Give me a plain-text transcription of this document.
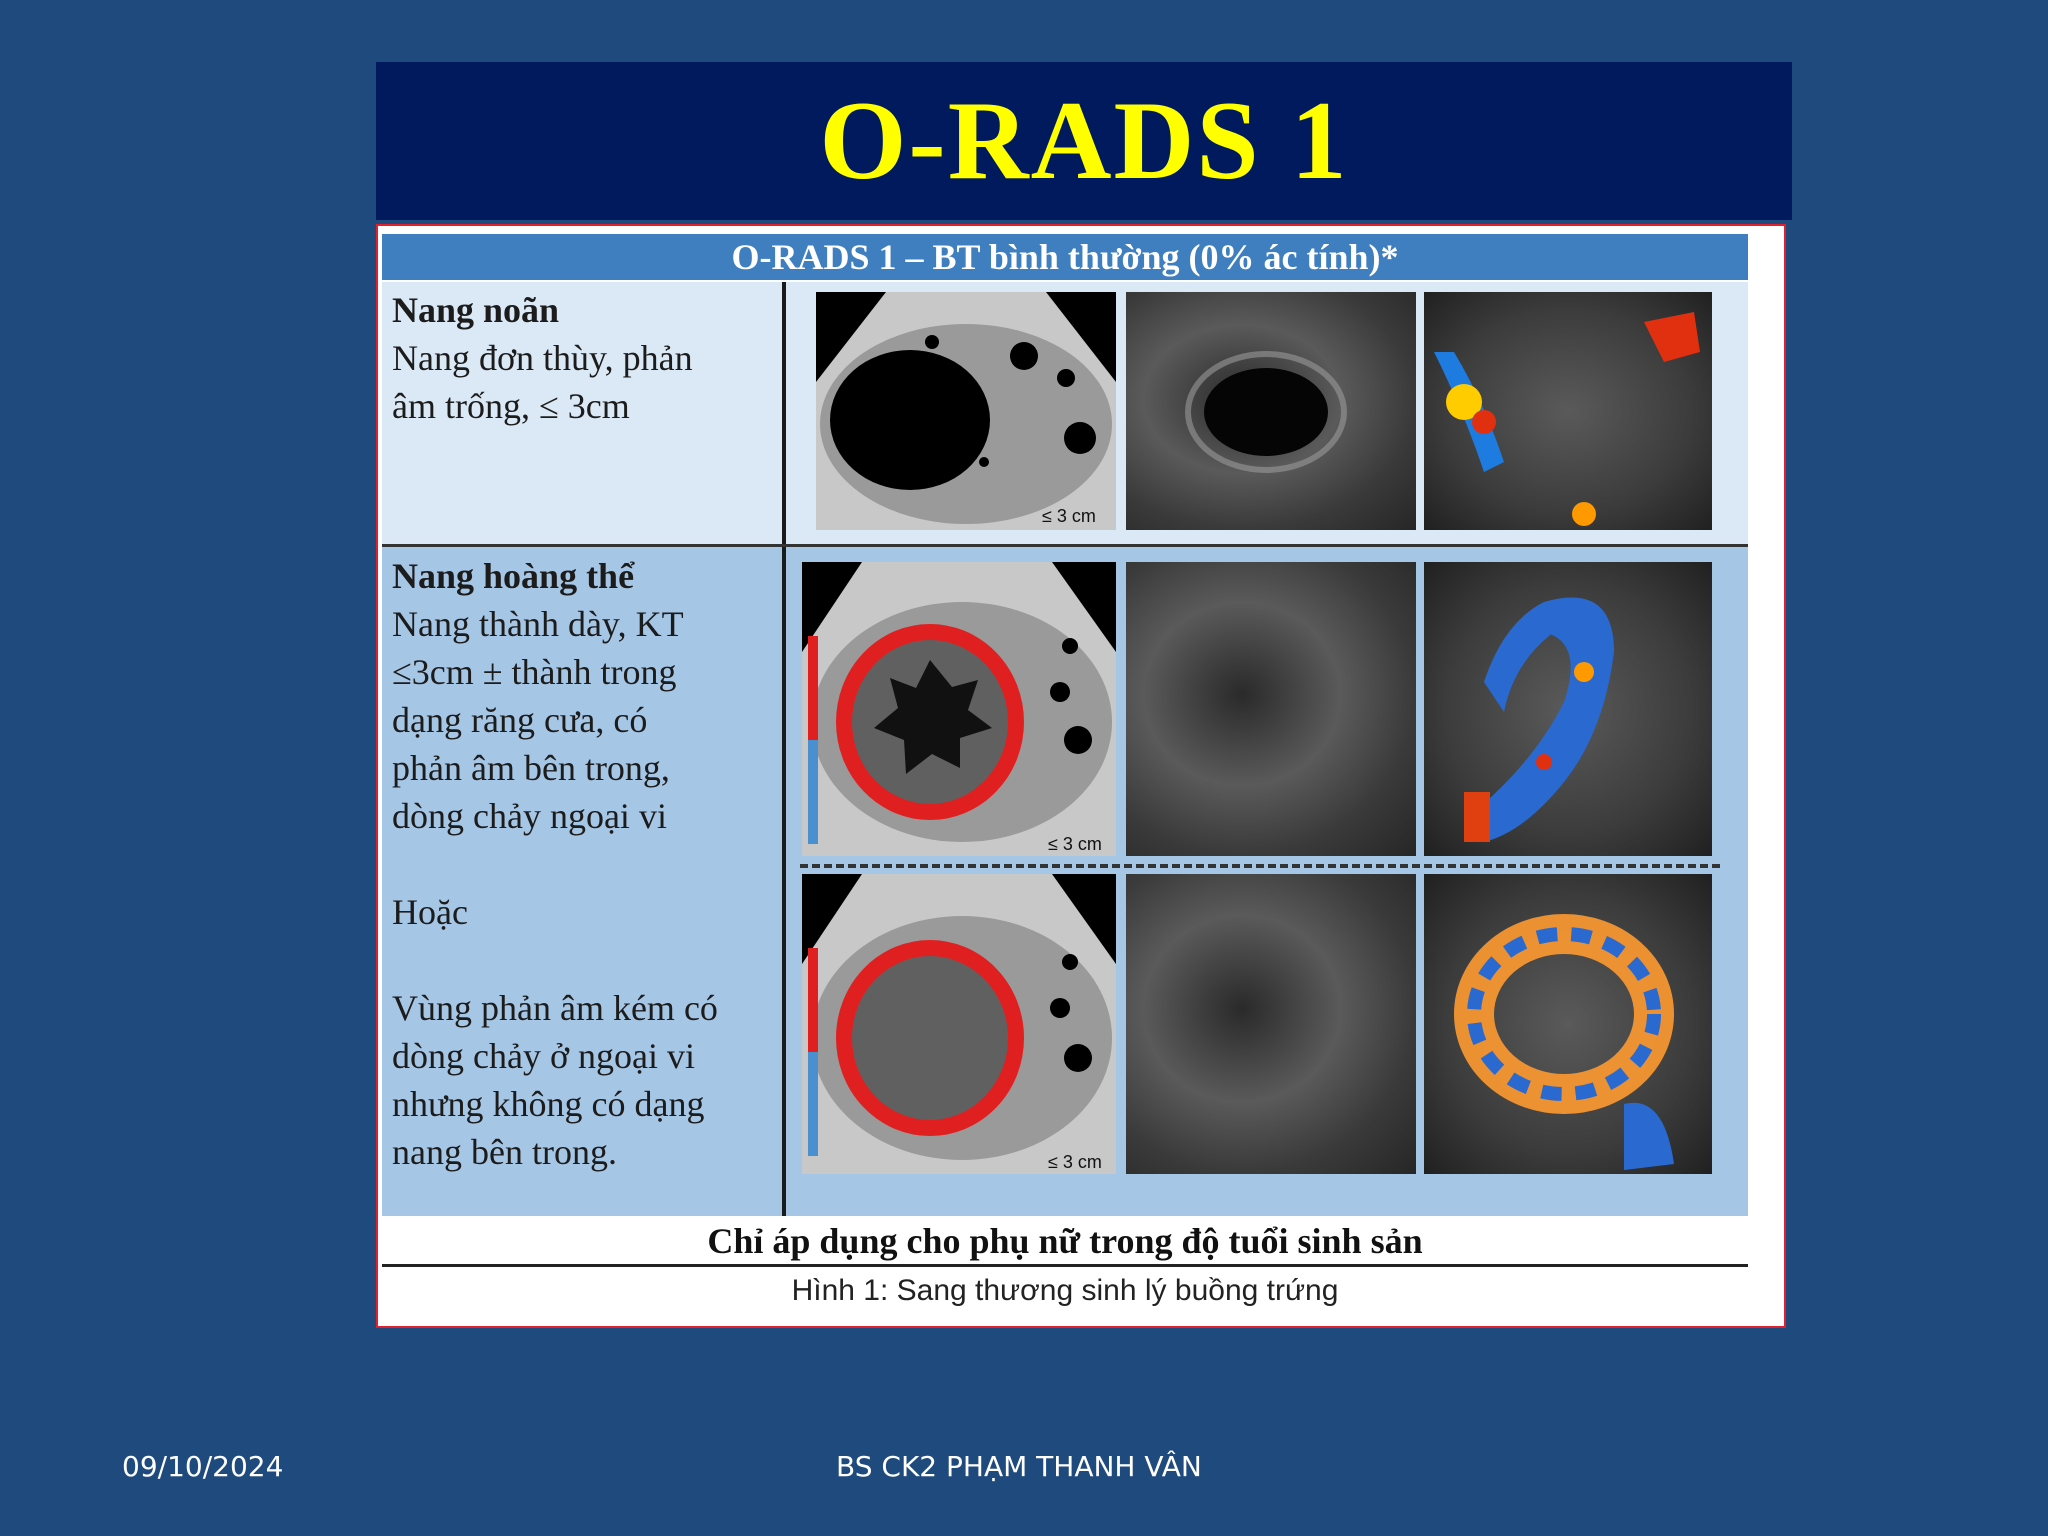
O-RADS 1
O-RADS 1 – BT bình thường (0% ác tính)*
Nang noãn
Nang đơn thùy, phản
âm trống, ≤ 3cm
Nang hoàng thể
Nang thành dày, KT
≤3cm ± thành trong
dạng răng cưa, có
phản âm bên trong,
dòng chảy ngoại vi
Hoặc
Vùng phản âm kém có
dòng chảy ở ngoại vi
nhưng không có dạng
nang bên trong.
≤ 3 cm
≤ 3 cm
≤ 3 cm
Chỉ áp dụng cho phụ nữ trong độ tuổi sinh sản
Hình 1: Sang thương sinh lý buồng trứng
09/10/2024	BS CK2 PHẠM THANH VÂN
